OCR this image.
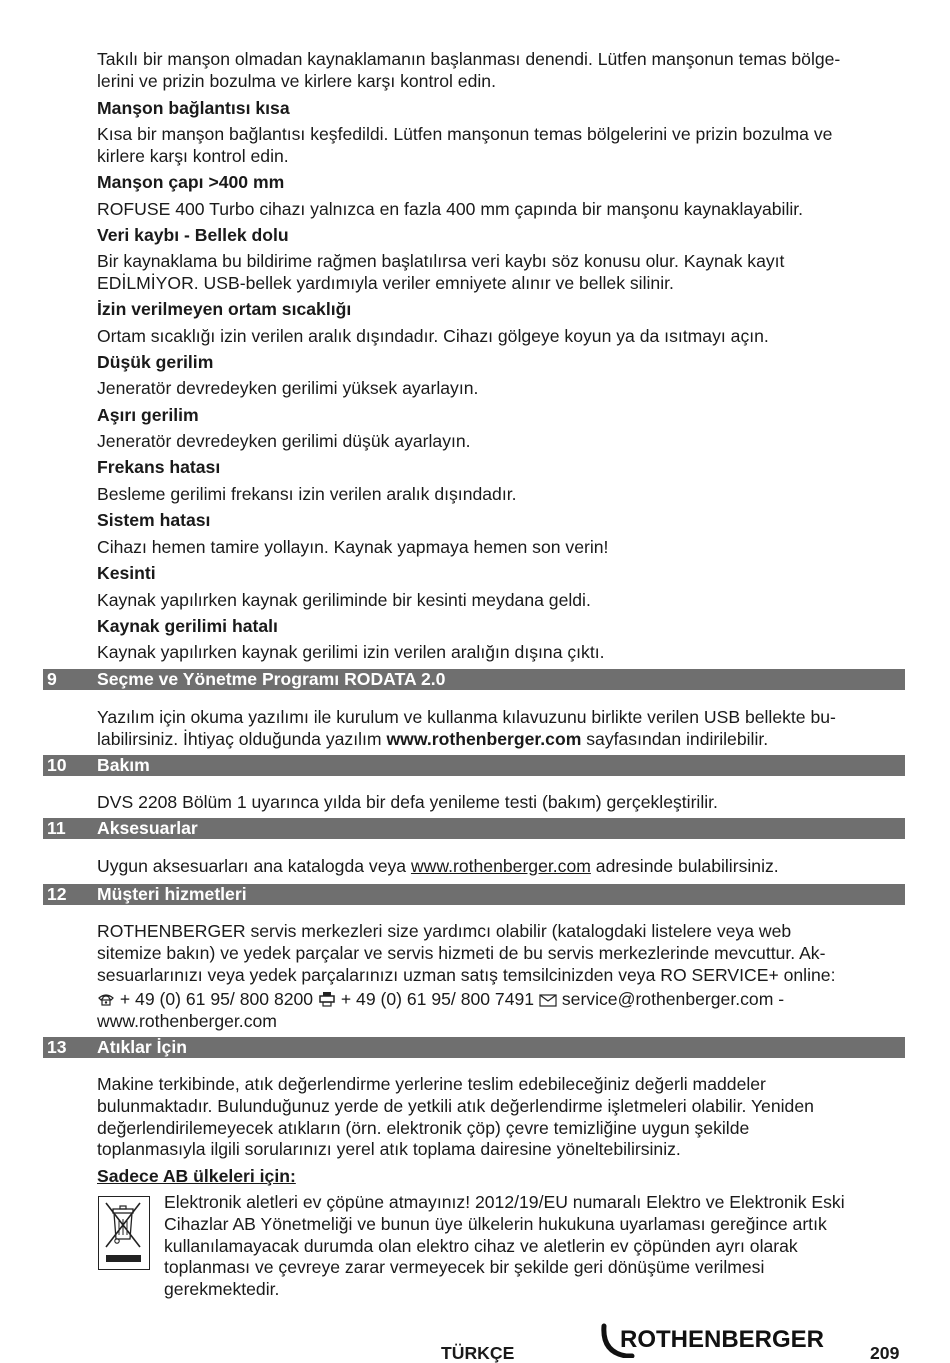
Takılı bir manşon olmadan kaynaklamanın başlanması denendi. Lütfen manşonun temas bölge-
lerini ve prizin bozulma ve kirlere karşı kontrol edin.
Manşon bağlantısı kısa
Kısa bir manşon bağlantısı keşfedildi. Lütfen manşonun temas bölgelerini ve prizin bozulma ve
kirlere karşı kontrol edin.
Manşon çapı >400 mm
ROFUSE 400 Turbo cihazı yalnızca en fazla 400 mm çapında bir manşonu kaynaklayabilir.
Veri kaybı - Bellek dolu
Bir kaynaklama bu bildirime rağmen başlatılırsa veri kaybı söz konusu olur. Kaynak kayıt
EDİLMİYOR. USB-bellek yardımıyla veriler emniyete alınır ve bellek silinir.
İzin verilmeyen ortam sıcaklığı
Ortam sıcaklığı izin verilen aralık dışındadır. Cihazı gölgeye koyun ya da ısıtmayı açın.
Düşük gerilim
Jeneratör devredeyken gerilimi yüksek ayarlayın.
Aşırı gerilim
Jeneratör devredeyken gerilimi düşük ayarlayın.
Frekans hatası
Besleme gerilimi frekansı izin verilen aralık dışındadır.
Sistem hatası
Cihazı hemen tamire yollayın. Kaynak yapmaya hemen son verin!
Kesinti
Kaynak yapılırken kaynak geriliminde bir kesinti meydana geldi.
Kaynak gerilimi hatalı
Kaynak yapılırken kaynak gerilimi izin verilen aralığın dışına çıktı.
9 Seçme ve Yönetme Programı RODATA 2.0
Yazılım için okuma yazılımı ile kurulum ve kullanma kılavuzunu birlikte verilen USB bellekte bu-
labilirsiniz. İhtiyaç olduğunda yazılım www.rothenberger.com sayfasından indirilebilir.
10 Bakım
DVS 2208 Bölüm 1 uyarınca yılda bir defa yenileme testi (bakım) gerçekleştirilir.
11 Aksesuarlar
Uygun aksesuarları ana katalogda veya www.rothenberger.com adresinde bulabilirsiniz.
12 Müşteri hizmetleri
ROTHENBERGER servis merkezleri size yardımcı olabilir (katalogdaki listelere veya web
sitemize bakın) ve yedek parçalar ve servis hizmeti de bu servis merkezlerinde mevcuttur. Ak-
sesuarlarınızı veya yedek parçalarınızı uzman satış temsilcinizden veya RO SERVICE+ online:
+ 49 (0) 61 95/ 800 8200 + 49 (0) 61 95/ 800 7491 service@rothenberger.com -
www.rothenberger.com
13 Atıklar İçin
Makine terkibinde, atık değerlendirme yerlerine teslim edebileceğiniz değerli maddeler
bulunmaktadır. Bulunduğunuz yerde de yetkili atık değerlendirme işletmeleri olabilir. Yeniden
değerlendirilemeyecek atıkların (örn. elektronik çöp) çevre temizliğine uygun şekilde
toplanmasıyla ilgili sorularınızı yerel atık toplama dairesine yöneltebilirsiniz.
Sadece AB ülkeleri için:
Elektronik aletleri ev çöpüne atmayınız! 2012/19/EU numaralı Elektro ve Elektronik Eski
Cihazlar AB Yönetmeliği ve bunun üye ülkelerin hukukuna uyarlaması gereğince artık
kullanılamayacak durumda olan elektro cihaz ve aletlerin ev çöpünden ayrı olarak
toplanması ve çevreye zarar vermeyecek bir şekilde geri dönüşüme verilmesi
gerekmektedir.
TÜRKÇE	ROTHENBERGER	209
